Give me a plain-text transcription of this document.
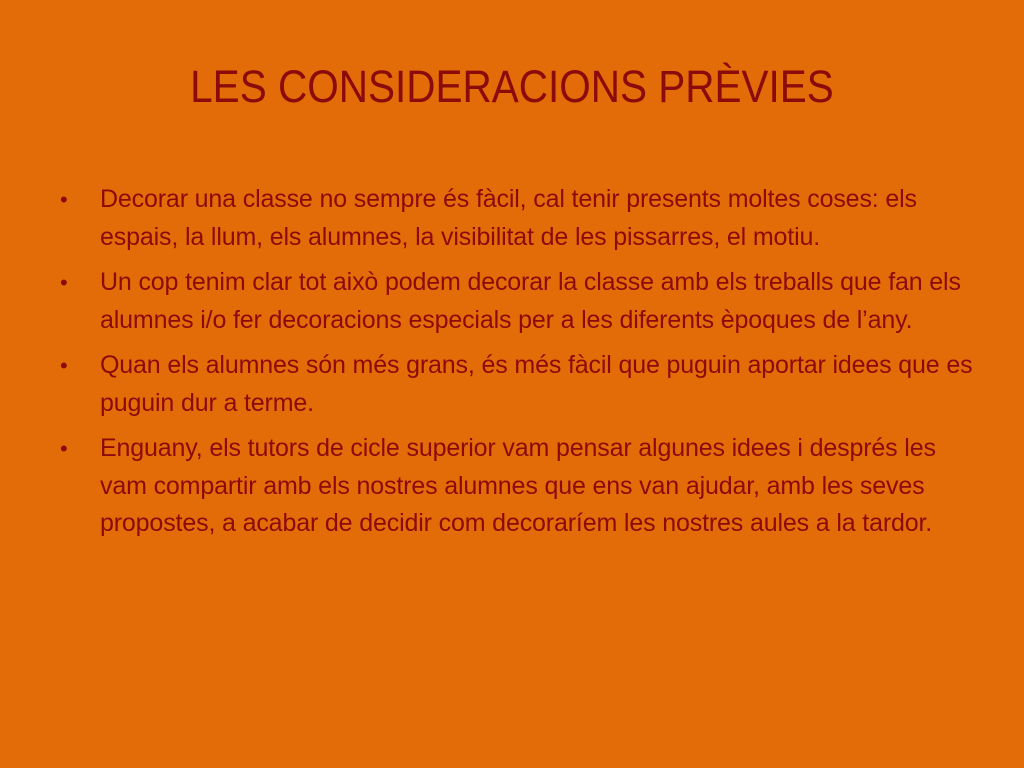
LES CONSIDERACIONS PRÈVIES
•	Decorar una classe no sempre és fàcil, cal tenir presents moltes coses: els espais, la llum, els alumnes, la visibilitat de les pissarres, el motiu.
•	Un cop tenim clar tot això podem decorar la classe amb els treballs que fan els alumnes i/o fer decoracions especials per a les diferents èpoques de l’any.
•	Quan els alumnes són més grans, és més fàcil que puguin aportar idees que es puguin dur a terme.
•	Enguany, els tutors de cicle superior vam pensar algunes idees i després les vam compartir amb els nostres alumnes que ens van ajudar, amb les seves propostes, a acabar de decidir com decoraríem les nostres aules a la tardor.
